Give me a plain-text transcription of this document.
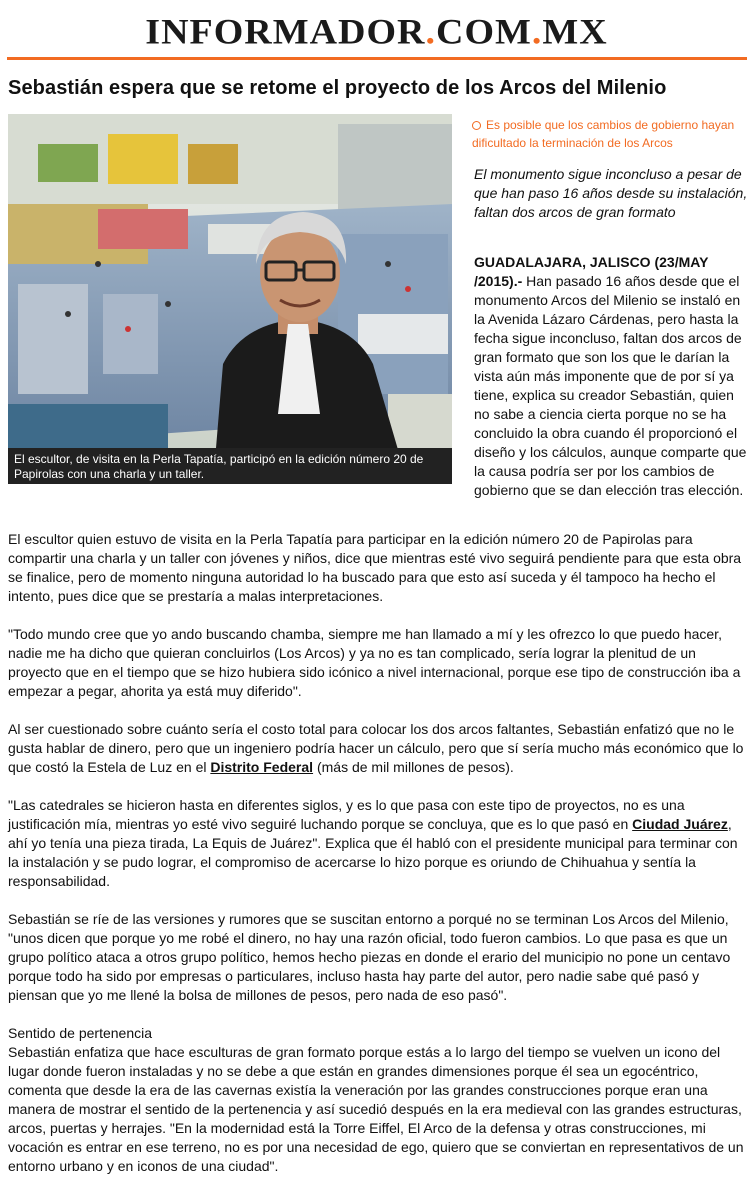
INFORMADOR.COM.MX
Sebastián espera que se retome el proyecto de los Arcos del Milenio
El escultor, de visita en la Perla Tapatía, participó en la edición número 20 de Papirolas con una charla y un taller.
Es posible que los cambios de gobierno hayan dificultado la terminación de los Arcos
El monumento sigue inconcluso a pesar de que han paso 16 años desde su instalación, faltan dos arcos de gran formato
GUADALAJARA, JALISCO (23/MAY /2015).- Han pasado 16 años desde que el monumento Arcos del Milenio se instaló en la Avenida Lázaro Cárdenas, pero hasta la fecha sigue inconcluso, faltan dos arcos de gran formato que son los que le darían la vista aún más imponente que de por sí ya tiene, explica su creador Sebastián, quien no sabe a ciencia cierta porque no se ha concluido la obra cuando él proporcionó el diseño y los cálculos, aunque comparte que la causa podría ser por los cambios de gobierno que se dan elección tras elección.

El escultor quien estuvo de visita en la Perla Tapatía para participar en la edición número 20 de Papirolas para compartir una charla y un taller con jóvenes y niños, dice que mientras esté vivo seguirá pendiente para que esta obra se finalice, pero de momento ninguna autoridad lo ha buscado para que esto así suceda y él tampoco ha hecho el intento, pues dice que se prestaría a malas interpretaciones.

"Todo mundo cree que yo ando buscando chamba, siempre me han llamado a mí y les ofrezco lo que puedo hacer, nadie me ha dicho que quieran concluirlos (Los Arcos) y ya no es tan complicado, sería lograr la plenitud de un proyecto que en el tiempo que se hizo hubiera sido icónico a nivel internacional, porque ese tipo de construcción iba a empezar a pegar, ahorita ya está muy diferido".

Al ser cuestionado sobre cuánto sería el costo total para colocar los dos arcos faltantes, Sebastián enfatizó que no le gusta hablar de dinero, pero que un ingeniero podría hacer un cálculo, pero que sí sería mucho más económico que lo que costó la Estela de Luz en el Distrito Federal (más de mil millones de pesos).

"Las catedrales se hicieron hasta en diferentes siglos, y es lo que pasa con este tipo de proyectos, no es una justificación mía, mientras yo esté vivo seguiré luchando porque se concluya, que es lo que pasó en Ciudad Juárez, ahí yo tenía una pieza tirada, La Equis de Juárez". Explica que él habló con el presidente municipal para terminar con la instalación y se pudo lograr, el compromiso de acercarse lo hizo porque es oriundo de Chihuahua y sentía la responsabilidad.

Sebastián se ríe de las versiones y rumores que se suscitan entorno a porqué no se terminan Los Arcos del Milenio, "unos dicen que porque yo me robé el dinero, no hay una razón oficial, todo fueron cambios. Lo que pasa es que un grupo político ataca a otros grupo político, hemos hecho piezas en donde el erario del municipio no pone un centavo porque todo ha sido por empresas o particulares, incluso hasta hay parte del autor, pero nadie sabe qué pasó y piensan que yo me llené la bolsa de millones de pesos, pero nada de eso pasó".

Sentido de pertenencia

Sebastián enfatiza que hace esculturas de gran formato porque estás a lo largo del tiempo se vuelven un icono del lugar donde fueron instaladas y no se debe a que están en grandes dimensiones porque él sea un egocéntrico, comenta que desde la era de las cavernas existía la veneración por las grandes construcciones porque eran una manera de mostrar el sentido de la pertenencia y así sucedió después en la era medieval con las grandes estructuras, arcos, puertas y herrajes. "En la modernidad está la Torre Eiffel, El Arco de la defensa y otras construcciones, mi vocación es entrar en ese terreno, no es por una necesidad de ego, quiero que se conviertan en representativos de un entorno urbano y en iconos de una ciudad".
